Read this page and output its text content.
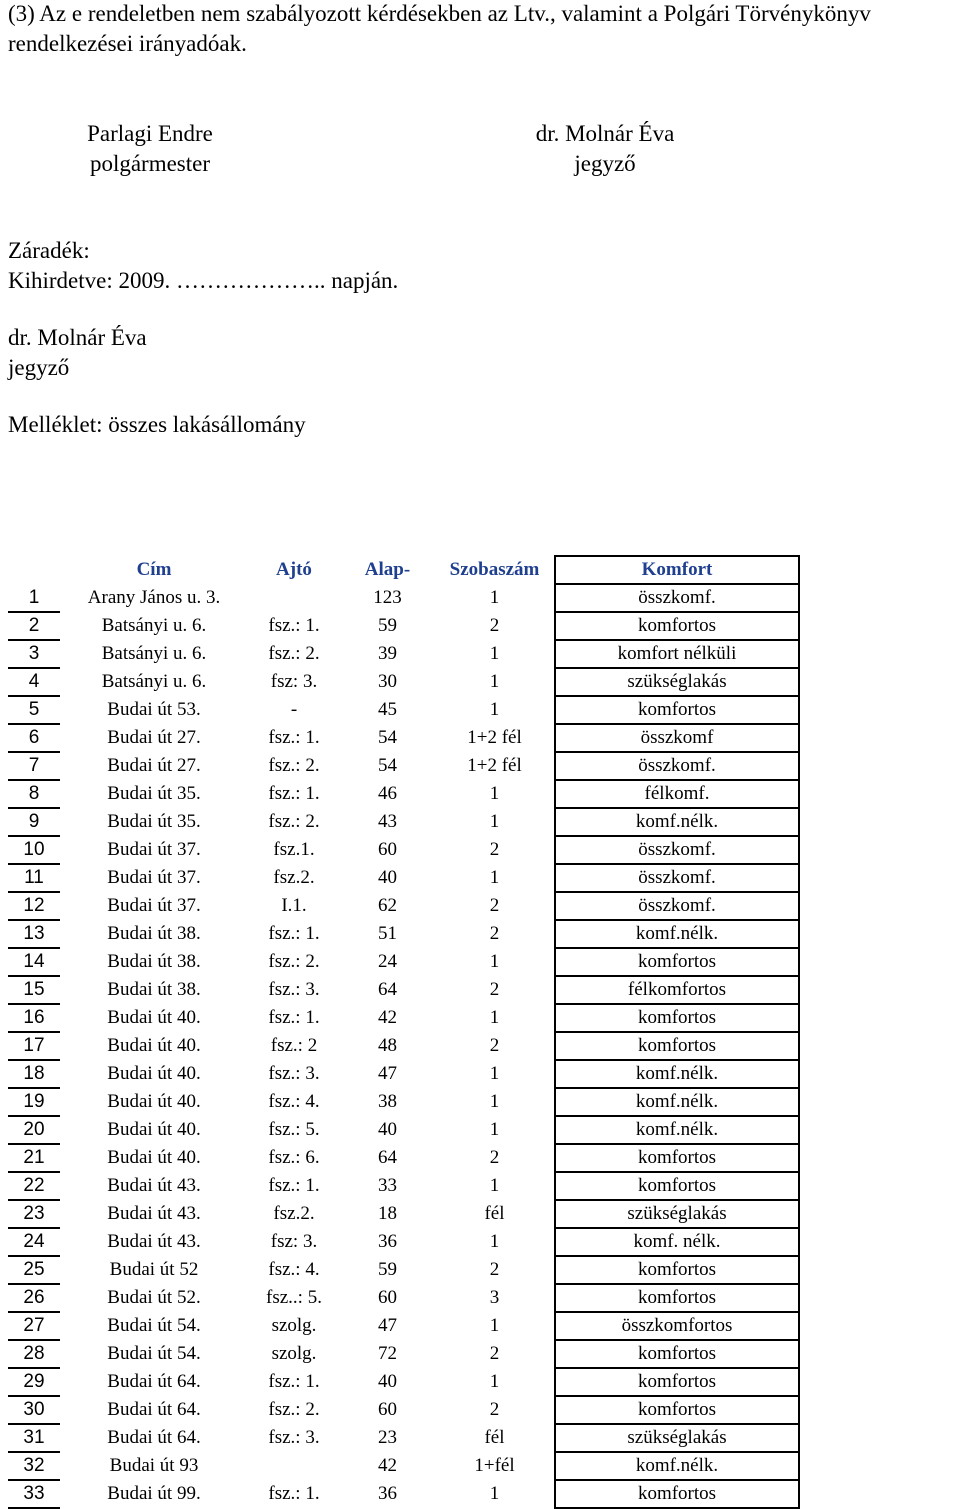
(3) Az e rendeletben nem szabályozott kérdésekben az Ltv., valamint a Polgári Törvénykönyv
rendelkezései irányadóak.
Parlagi Endre
polgármester
dr. Molnár Éva
jegyző
Záradék:
Kihirdetve: 2009. ……………….. napján.
dr. Molnár Éva
jegyző
Melléklet: összes lakásállomány
	Cím	Ajtó	Alap-	Szobaszám	Komfort
1	Arany János u. 3.		123	1	összkomf.
2	Batsányi u. 6.	fsz.: 1.	59	2	komfortos
3	Batsányi u. 6.	fsz.: 2.	39	1	komfort nélküli
4	Batsányi u. 6.	fsz: 3.	30	1	szükséglakás
5	Budai út 53.	-	45	1	komfortos
6	Budai út 27.	fsz.: 1.	54	1+2 fél	összkomf
7	Budai út 27.	fsz.: 2.	54	1+2 fél	összkomf.
8	Budai út 35.	fsz.: 1.	46	1	félkomf.
9	Budai út 35.	fsz.: 2.	43	1	komf.nélk.
10	Budai út 37.	fsz.1.	60	2	összkomf.
11	Budai út 37.	fsz.2.	40	1	összkomf.
12	Budai út 37.	I.1.	62	2	összkomf.
13	Budai út 38.	fsz.: 1.	51	2	komf.nélk.
14	Budai út 38.	fsz.: 2.	24	1	komfortos
15	Budai út 38.	fsz.: 3.	64	2	félkomfortos
16	Budai út 40.	fsz.: 1.	42	1	komfortos
17	Budai út 40.	fsz.: 2	48	2	komfortos
18	Budai út 40.	fsz.: 3.	47	1	komf.nélk.
19	Budai út 40.	fsz.: 4.	38	1	komf.nélk.
20	Budai út 40.	fsz.: 5.	40	1	komf.nélk.
21	Budai út 40.	fsz.: 6.	64	2	komfortos
22	Budai út 43.	fsz.: 1.	33	1	komfortos
23	Budai út 43.	fsz.2.	18	fél	szükséglakás
24	Budai út 43.	fsz: 3.	36	1	komf. nélk.
25	Budai út 52	fsz.: 4.	59	2	komfortos
26	Budai út 52.	fsz..: 5.	60	3	komfortos
27	Budai út 54.	szolg.	47	1	összkomfortos
28	Budai út 54.	szolg.	72	2	komfortos
29	Budai út 64.	fsz.: 1.	40	1	komfortos
30	Budai út 64.	fsz.: 2.	60	2	komfortos
31	Budai út 64.	fsz.: 3.	23	fél	szükséglakás
32	Budai út 93		42	1+fél	komf.nélk.
33	Budai út 99.	fsz.: 1.	36	1	komfortos
